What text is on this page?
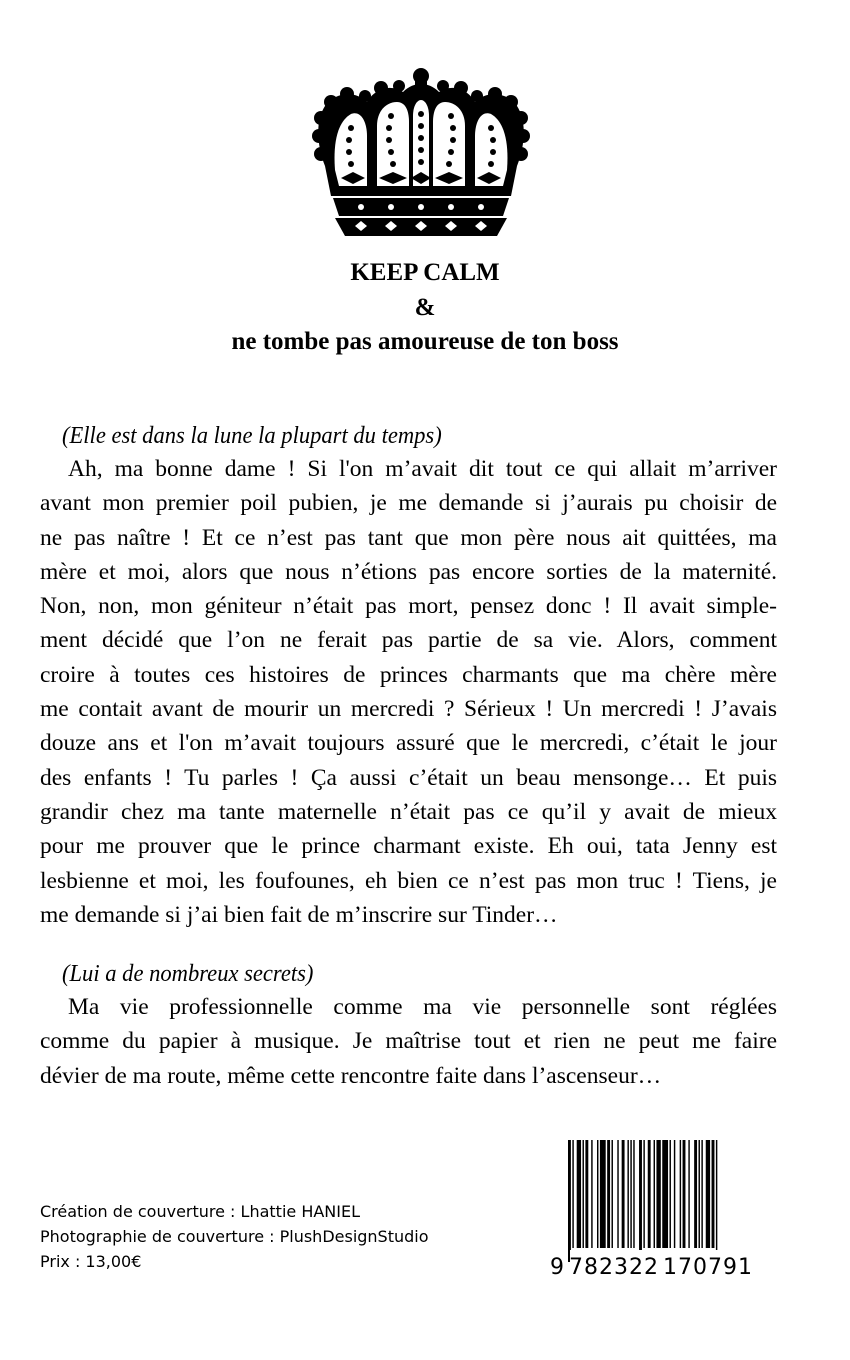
KEEP CALM
&
ne tombe pas amoureuse de ton boss
(Elle est dans la lune la plupart du temps)
Ah, ma bonne dame ! Si l'on m’avait dit tout ce qui allait m’arriver
avant mon premier poil pubien, je me demande si j’aurais pu choisir de
ne pas naître ! Et ce n’est pas tant que mon père nous ait quittées, ma
mère et moi, alors que nous n’étions pas encore sorties de la maternité.
Non, non, mon géniteur n’était pas mort, pensez donc ! Il avait simple-
ment décidé que l’on ne ferait pas partie de sa vie. Alors, comment
croire à toutes ces histoires de princes charmants que ma chère mère
me contait avant de mourir un mercredi ? Sérieux ! Un mercredi ! J’avais
douze ans et l'on m’avait toujours assuré que le mercredi, c’était le jour
des enfants ! Tu parles ! Ça aussi c’était un beau mensonge… Et puis
grandir chez ma tante maternelle n’était pas ce qu’il y avait de mieux
pour me prouver que le prince charmant existe. Eh oui, tata Jenny est
lesbienne et moi, les foufounes, eh bien ce n’est pas mon truc ! Tiens, je
me demande si j’ai bien fait de m’inscrire sur Tinder…
(Lui a de nombreux secrets)
Ma vie professionnelle comme ma vie personnelle sont réglées
comme du papier à musique. Je maîtrise tout et rien ne peut me faire
dévier de ma route, même cette rencontre faite dans l’ascenseur…
Création de couverture : Lhattie HANIEL
Photographie de couverture : PlushDesignStudio
Prix : 13,00€	9 782322 170791
